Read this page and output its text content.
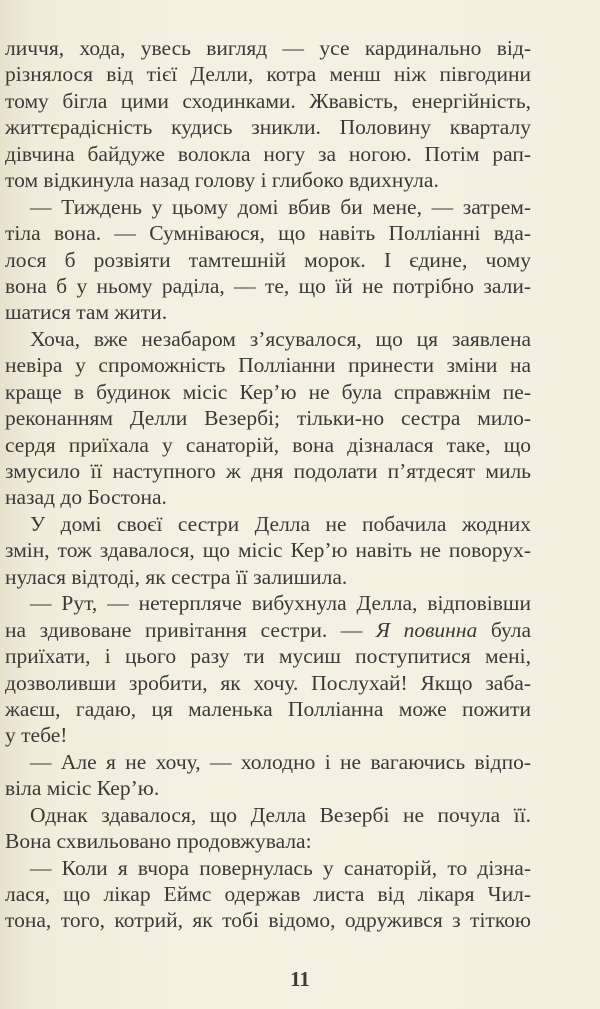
личчя, хода, увесь вигляд — усе кардинально від-
різнялося від тієї Делли, котра менш ніж півгодини
тому бігла цими сходинками. Жвавість, енергійність,
життєрадісність кудись зникли. Половину кварталу
дівчина байдуже волокла ногу за ногою. Потім рап-
том відкинула назад голову і глибоко вдихнула.
— Тиждень у цьому домі вбив би мене, — затрем-
тіла вона. — Сумніваюся, що навіть Полліанні вда-
лося б розвіяти тамтешній морок. І єдине, чому
вона б у ньому раділа, — те, що їй не потрібно зали-
шатися там жити.
Хоча, вже незабаром з’ясувалося, що ця заявлена
невіра у спроможність Полліанни принести зміни на
краще в будинок місіс Кер’ю не була справжнім пе-
реконанням Делли Везербі; тільки-но сестра мило-
сердя приїхала у санаторій, вона дізналася таке, що
змусило її наступного ж дня подолати п’ятдесят миль
назад до Бостона.
У домі своєї сестри Делла не побачила жодних
змін, тож здавалося, що місіс Кер’ю навіть не поворух-
нулася відтоді, як сестра її залишила.
— Рут, — нетерпляче вибухнула Делла, відповівши
на здивоване привітання сестри. — Я повинна була
приїхати, і цього разу ти мусиш поступитися мені,
дозволивши зробити, як хочу. Послухай! Якщо заба-
жаєш, гадаю, ця маленька Полліанна може пожити
у тебе!
— Але я не хочу, — холодно і не вагаючись відпо-
віла місіс Кер’ю.
Однак здавалося, що Делла Везербі не почула її.
Вона схвильовано продовжувала:
— Коли я вчора повернулась у санаторій, то дізна-
лася, що лікар Еймс одержав листа від лікаря Чил-
тона, того, котрий, як тобі відомо, одружився з тіткою
11
